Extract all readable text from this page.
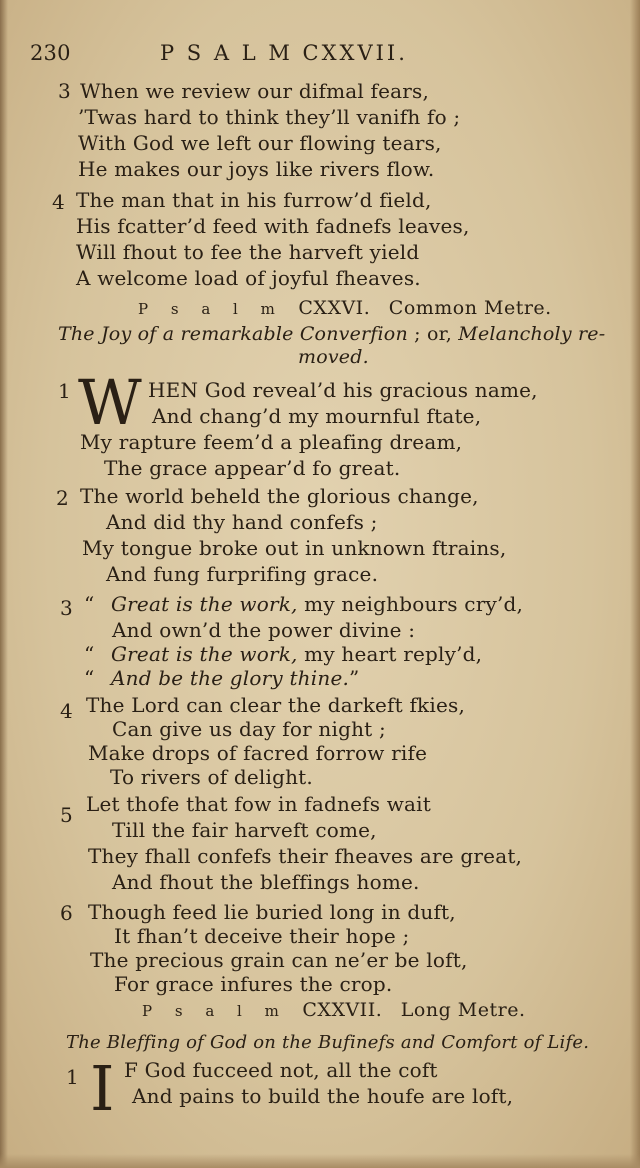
230	P S A L M CXXVII.
3 When we review our difmal fears,
’Twas hard to think they’ll vanifh fo ;
With God we left our flowing tears,
He makes our joys like rivers flow.
4 The man that in his furrow’d field,
His fcatter’d feed with fadnefs leaves,
Will fhout to fee the harveft yield
A welcome load of joyful fheaves.
P s a l m CXXVI. Common Metre.
The Joy of a remarkable Converfion ; or, Melancholy re-
moved.
1 W HEN God reveal’d his gracious name,
And chang’d my mournful ftate,
My rapture feem’d a pleafing dream,
The grace appear’d fo great.
2 The world beheld the glorious change,
And did thy hand confefs ;
My tongue broke out in unknown ftrains,
And fung furprifing grace.
3 “ Great is the work, my neighbours cry’d,
And own’d the power divine :
“ Great is the work, my heart reply’d,
“ And be the glory thine.”
4 The Lord can clear the darkeft fkies,
Can give us day for night ;
Make drops of facred forrow rife
To rivers of delight.
5 Let thofe that fow in fadnefs wait
Till the fair harveft come,
They fhall confefs their fheaves are great,
And fhout the bleffings home.
6 Though feed lie buried long in duft,
It fhan’t deceive their hope ;
The precious grain can ne’er be loft,
For grace infures the crop.
P s a l m CXXVII. Long Metre.
The Bleffing of God on the Bufinefs and Comfort of Life.
1 I F God fucceed not, all the coft
And pains to build the houfe are loft,
